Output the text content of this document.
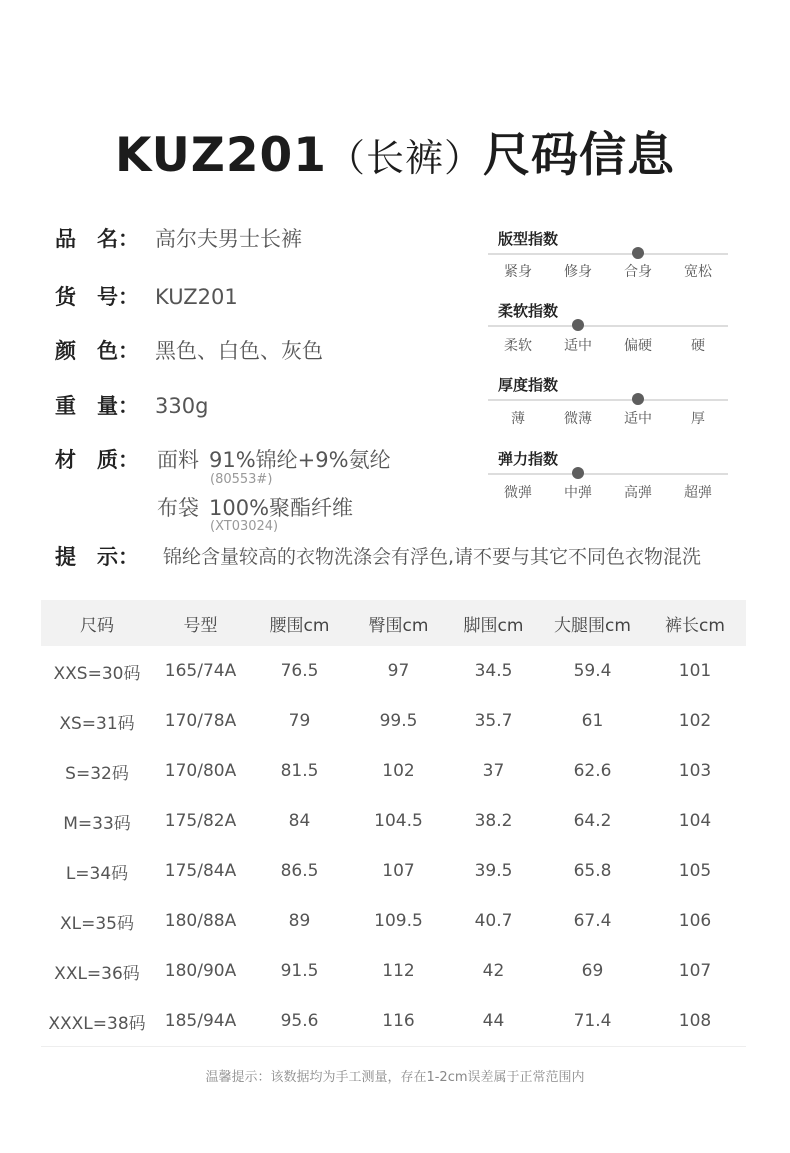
KUZ201（长裤）尺码信息
品　名： 高尔夫男士长裤
货　号： KUZ201
颜　色： 黑色、白色、灰色
重　量： 330g
材　质： 面料 91%锦纶+9%氨纶
(80553#)
布袋 100%聚酯纤维
(XT03024)
提　示：	锦纶含量较高的衣物洗涤会有浮色,请不要与其它不同色衣物混洗
版型指数
紧身	修身	合身	宽松
柔软指数
柔软	适中	偏硬	硬
厚度指数
薄	微薄	适中	厚
弹力指数
微弹	中弹	高弹	超弹
尺码	号型	腰围cm	臀围cm	脚围cm	大腿围cm	裤长cm
XXS=30码	165/74A	76.5	97	34.5	59.4	101
XS=31码	170/78A	79	99.5	35.7	61	102
S=32码	170/80A	81.5	102	37	62.6	103
M=33码	175/82A	84	104.5	38.2	64.2	104
L=34码	175/84A	86.5	107	39.5	65.8	105
XL=35码	180/88A	89	109.5	40.7	67.4	106
XXL=36码	180/90A	91.5	112	42	69	107
XXXL=38码	185/94A	95.6	116	44	71.4	108
温馨提示：该数据均为手工测量，存在1-2cm误差属于正常范围内
